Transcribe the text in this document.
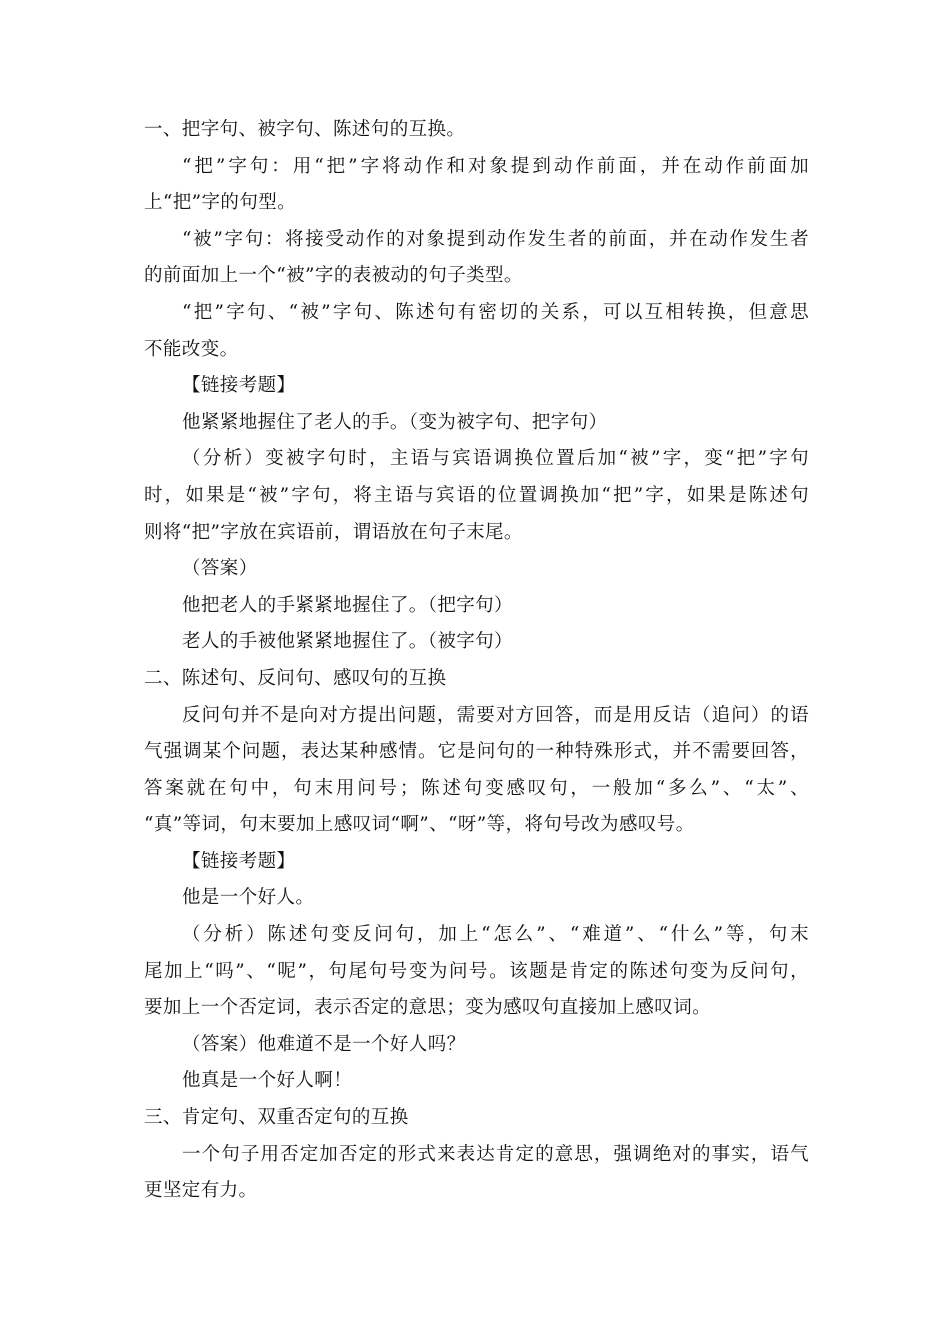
一、把字句、被字句、陈述句的互换。
“把”字句：用“把”字将动作和对象提到动作前面，并在动作前面加
上“把”字的句型。
“被”字句：将接受动作的对象提到动作发生者的前面，并在动作发生者
的前面加上一个“被”字的表被动的句子类型。
“把”字句、“被”字句、陈述句有密切的关系，可以互相转换，但意思
不能改变。
【链接考题】
他紧紧地握住了老人的手。（变为被字句、把字句）
（分析）变被字句时，主语与宾语调换位置后加“被”字，变“把”字句
时，如果是“被”字句，将主语与宾语的位置调换加“把”字，如果是陈述句
则将“把”字放在宾语前，谓语放在句子末尾。
（答案）
他把老人的手紧紧地握住了。（把字句）
老人的手被他紧紧地握住了。（被字句）
二、陈述句、反问句、感叹句的互换
反问句并不是向对方提出问题，需要对方回答，而是用反诘（追问）的语
气强调某个问题，表达某种感情。它是问句的一种特殊形式，并不需要回答，
答案就在句中，句末用问号；陈述句变感叹句，一般加“多么”、“太”、
“真”等词，句末要加上感叹词“啊”、“呀”等，将句号改为感叹号。
【链接考题】
他是一个好人。
（分析）陈述句变反问句，加上“怎么”、“难道”、“什么”等，句末
尾加上“吗”、“呢”，句尾句号变为问号。该题是肯定的陈述句变为反问句，
要加上一个否定词，表示否定的意思；变为感叹句直接加上感叹词。
（答案）他难道不是一个好人吗？
他真是一个好人啊！
三、肯定句、双重否定句的互换
一个句子用否定加否定的形式来表达肯定的意思，强调绝对的事实，语气
更坚定有力。
